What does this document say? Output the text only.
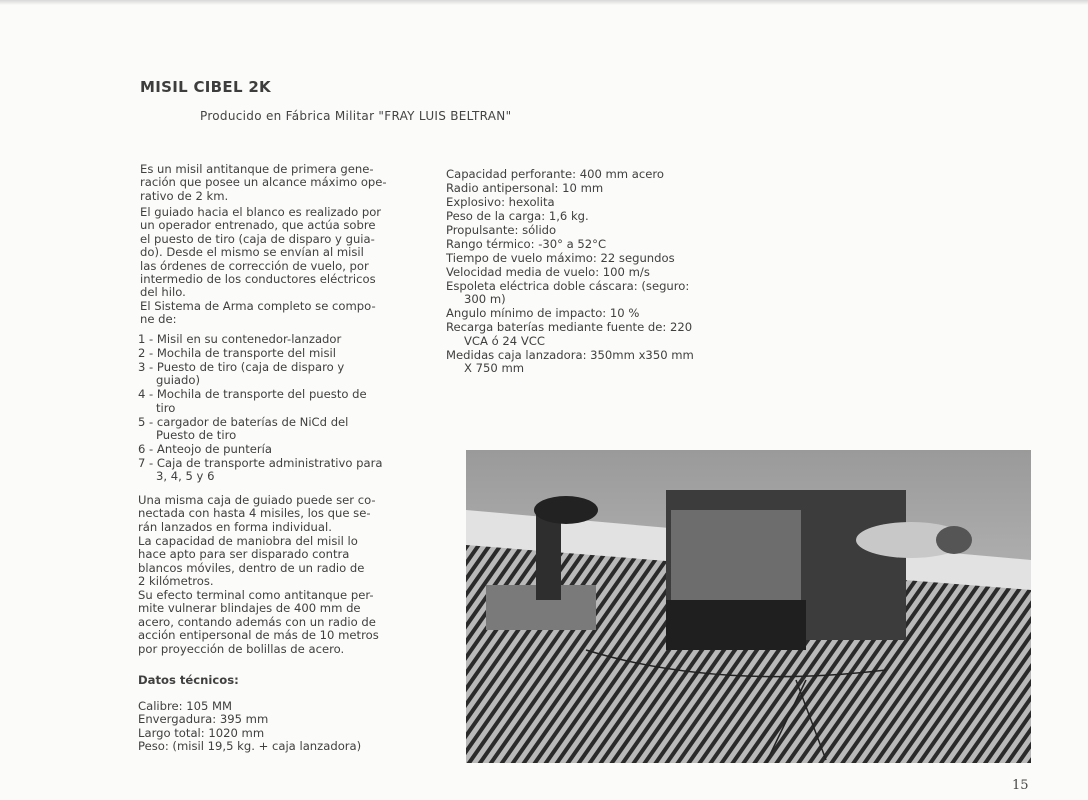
MISIL CIBEL 2K
Producido en Fábrica Militar "FRAY LUIS BELTRAN"
Es un misil antitanque de primera gene-
ración que posee un alcance máximo ope-
rativo de 2 km.
El guiado hacia el blanco es realizado por
un operador entrenado, que actúa sobre
el puesto de tiro (caja de disparo y guia-
do). Desde el mismo se envían al misil
las órdenes de corrección de vuelo, por
intermedio de los conductores eléctricos
del hilo.
El Sistema de Arma completo se compo-
ne de:
1 - Misil en su contenedor-lanzador
2 - Mochila de transporte del misil
3 - Puesto de tiro (caja de disparo y
guiado)
4 - Mochila de transporte del puesto de
tiro
5 - cargador de baterías de NiCd del
Puesto de tiro
6 - Anteojo de puntería
7 - Caja de transporte administrativo para
3, 4, 5 y 6
Una misma caja de guiado puede ser co-
nectada con hasta 4 misiles, los que se-
rán lanzados en forma individual.
La capacidad de maniobra del misil lo
hace apto para ser disparado contra
blancos móviles, dentro de un radio de
2 kilómetros.
Su efecto terminal como antitanque per-
mite vulnerar blindajes de 400 mm de
acero, contando además con un radio de
acción entipersonal de más de 10 metros
por proyección de bolillas de acero.
Datos técnicos:
Calibre: 105 MM
Envergadura: 395 mm
Largo total: 1020 mm
Peso: (misil 19,5 kg. + caja lanzadora)
Capacidad perforante: 400 mm acero
Radio antipersonal: 10 mm
Explosivo: hexolita
Peso de la carga: 1,6 kg.
Propulsante: sólido
Rango térmico: -30° a 52°C
Tiempo de vuelo máximo: 22 segundos
Velocidad media de vuelo: 100 m/s
Espoleta eléctrica doble cáscara: (seguro:
300 m)
Angulo mínimo de impacto: 10 %
Recarga baterías mediante fuente de: 220
VCA ó 24 VCC
Medidas caja lanzadora: 350mm x350 mm
X 750 mm
15
